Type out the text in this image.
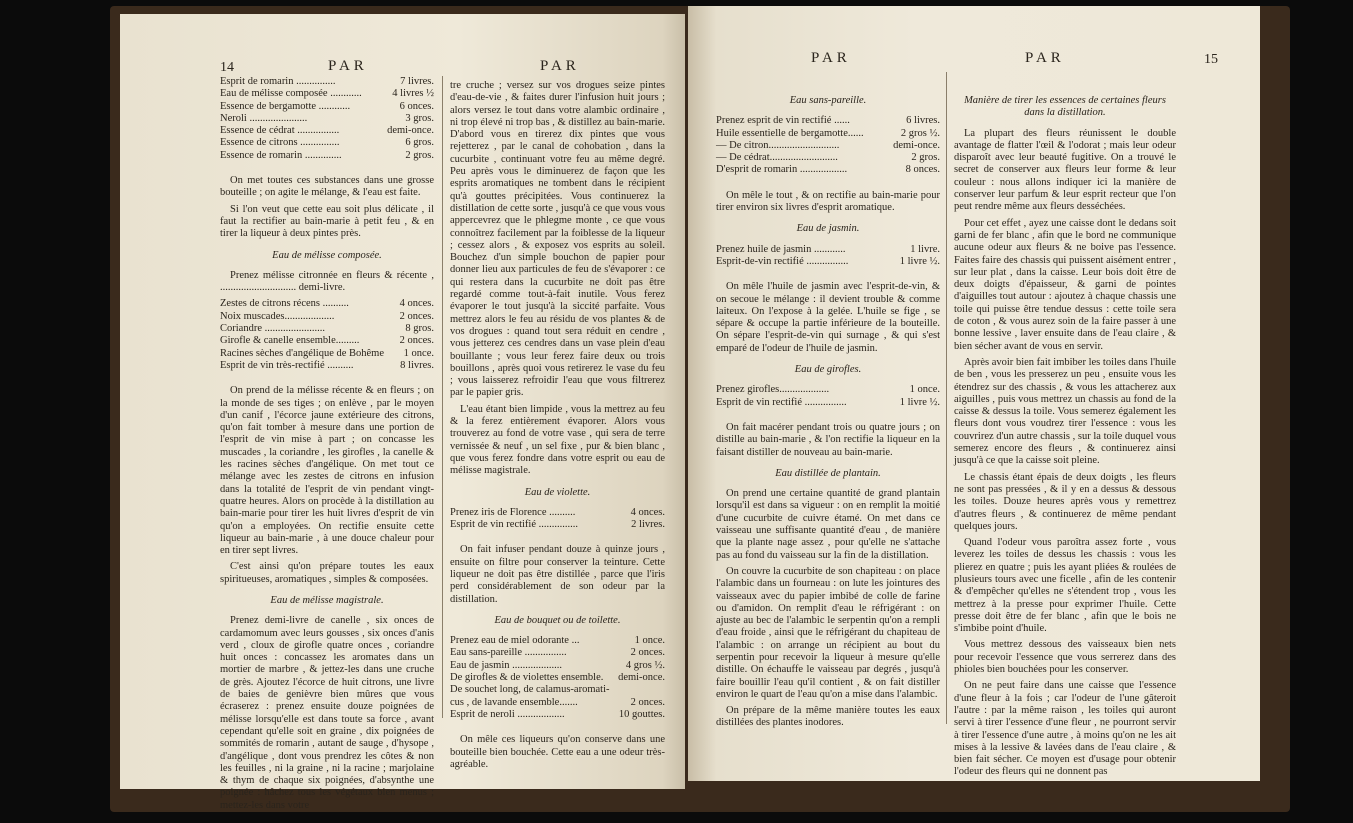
14	PAR	PAR
Esprit de romarin ...............	7 livres.
Eau de mélisse composée ............	4 livres ½
Essence de bergamotte ............	6 onces.
Neroli ......................	3 gros.
Essence de cédrat ................	demi-once.
Essence de citrons ...............	6 gros.
Essence de romarin ..............	2 gros.

On met toutes ces substances dans une grosse bouteille ; on agite le mélange, & l'eau est faite.

Si l'on veut que cette eau soit plus délicate , il faut la rectifier au bain-marie à petit feu , & en tirer la liqueur à deux pintes près.

Eau de mélisse composée.

Prenez mélisse citronnée en fleurs & récente , ............................. demi-livre.

Zestes de citrons récens ..........	4 onces.
Noix muscades...................	2 onces.
Coriandre .......................	8 gros.
Girofle & canelle ensemble.........	2 onces.
Racines sèches d'angélique de Bohême	1 once.
Esprit de vin très-rectifié ..........	8 livres.

On prend de la mélisse récente & en fleurs ; on la monde de ses tiges ; on enlève , par le moyen d'un canif , l'écorce jaune extérieure des citrons, qu'on fait tomber à mesure dans une portion de l'esprit de vin mise à part ; on concasse les muscades , la coriandre , les girofles , la canelle & les racines sèches d'angélique. On met tout ce mélange avec les zestes de citrons en infusion dans la totalité de l'esprit de vin pendant vingt-quatre heures. Alors on procède à la distillation au bain-marie pour tirer les huit livres d'esprit de vin qu'on a employées. On rectifie ensuite cette liqueur au bain-marie , à une douce chaleur pour en tirer sept livres.

C'est ainsi qu'on prépare toutes les eaux spiritueuses, aromatiques , simples & composées.

Eau de mélisse magistrale.

Prenez demi-livre de canelle , six onces de cardamomum avec leurs gousses , six onces d'anis verd , cloux de girofle quatre onces , coriandre huit onces : concassez les aromates dans un mortier de marbre , & jettez-les dans une cruche de grès. Ajoutez l'écorce de huit citrons, une livre de baies de genièvre bien mûres que vous écraserez : prenez ensuite douze poignées de mélisse lorsqu'elle est dans toute sa force , avant cependant qu'elle soit en graine , dix poignées de sommités de romarin , autant de sauge , d'hysope , d'angélique , dont vous prendrez les côtes & non les feuilles , ni la graine , ni la racine ; marjolaine & thym de chaque six poignées, d'absynthe une poignée : hâchez tous les végétaux bien menus ; mettez-les dans votre

tre cruche ; versez sur vos drogues seize pintes d'eau-de-vie , & faites durer l'infusion huit jours ; alors versez le tout dans votre alambic ordinaire , ni trop élevé ni trop bas , & distillez au bain-marie. D'abord vous en tirerez dix pintes que vous rejetterez , par le canal de cohobation , dans la cucurbite , continuant votre feu au même degré. Peu après vous le diminuerez de façon que les esprits aromatiques ne tombent dans le récipient qu'à gouttes précipitées. Vous continuerez la distillation de cette sorte , jusqu'à ce que vous vous appercevrez que le phlegme monte , ce que vous connoîtrez facilement par la foiblesse de la liqueur ; cessez alors , & exposez vos esprits au soleil. Bouchez d'un simple bouchon de papier pour donner lieu aux particules de feu de s'évaporer : ce qui restera dans la cucurbite ne doit pas être regardé comme tout-à-fait inutile. Vous ferez évaporer le tout jusqu'à la siccité parfaite. Vous mettrez alors le feu au résidu de vos plantes & de vos drogues : quand tout sera réduit en cendre , vous jetterez ces cendres dans un vase plein d'eau bouillante ; vous leur ferez faire deux ou trois bouillons , après quoi vous retirerez le vase du feu ; vous laisserez refroidir l'eau que vous filtrerez par le papier gris.

L'eau étant bien limpide , vous la mettrez au feu & la ferez entièrement évaporer. Alors vous trouverez au fond de votre vase , qui sera de terre vernissée & neuf , un sel fixe , pur & bien blanc , que vous ferez fondre dans votre esprit ou eau de mélisse magistrale.

Eau de violette.
Prenez iris de Florence ..........	4 onces.
Esprit de vin rectifié ...............	2 livres.

On fait infuser pendant douze à quinze jours , ensuite on filtre pour conserver la teinture. Cette liqueur ne doit pas être distillée , parce que l'iris perd considérablement de son odeur par la distillation.

Eau de bouquet ou de toilette.
Prenez eau de miel odorante ...	1 once.
Eau sans-pareille ................	2 onces.
Eau de jasmin ...................	4 gros ½.
De girofles & de violettes ensemble.	demi-once.
De souchet long, de calamus-aromati-
cus , de lavande ensemble.......	2 onces.
Esprit de neroli ..................	10 gouttes.

On mêle ces liqueurs qu'on conserve dans une bouteille bien bouchée. Cette eau a une odeur très-agréable.

PAR	PAR	15
Eau sans-pareille.
Prenez esprit de vin rectifié ......	6 livres.
Huile essentielle de bergamotte......	2 gros ½.
— De citron...........................	demi-once.
— De cédrat..........................	2 gros.
D'esprit de romarin ..................	8 onces.

On mêle le tout , & on rectifie au bain-marie pour tirer environ six livres d'esprit aromatique.

Eau de jasmin.
Prenez huile de jasmin ............	1 livre.
Esprit-de-vin rectifié ................	1 livre ½.

On mêle l'huile de jasmin avec l'esprit-de-vin, & on secoue le mélange : il devient trouble & comme laiteux. On l'expose à la gelée. L'huile se fige , se sépare & occupe la partie inférieure de la bouteille. On sépare l'esprit-de-vin qui surnage , & qui s'est emparé de l'odeur de l'huile de jasmin.

Eau de girofles.
Prenez girofles...................	1 once.
Esprit de vin rectifié ................	1 livre ½.

On fait macérer pendant trois ou quatre jours ; on distille au bain-marie , & l'on rectifie la liqueur en la faisant distiller de nouveau au bain-marie.

Eau distillée de plantain.

On prend une certaine quantité de grand plantain lorsqu'il est dans sa vigueur : on en remplit la moitié d'une cucurbite de cuivre étamé. On met dans ce vaisseau une suffisante quantité d'eau , de manière que la plante nage assez , pour qu'elle ne s'attache pas au fond du vaisseau sur la fin de la distillation.

On couvre la cucurbite de son chapiteau : on place l'alambic dans un fourneau : on lute les jointures des vaisseaux avec du papier imbibé de colle de farine ou d'amidon. On remplit d'eau le réfrigérant : on ajuste au bec de l'alambic le serpentin qu'on a rempli d'eau froide , ainsi que le réfrigérant du chapiteau de l'alambic : on arrange un récipient au bout du serpentin pour recevoir la liqueur à mesure qu'elle distille. On échauffe le vaisseau par degrés , jusqu'à faire bouillir l'eau qu'il contient , & on fait distiller environ le quart de l'eau qu'on a mise dans l'alambic.

On prépare de la même manière toutes les eaux distillées des plantes inodores.

Manière de tirer les essences de certaines fleurs dans la distillation.

La plupart des fleurs réunissent le double avantage de flatter l'œil & l'odorat ; mais leur odeur disparoît avec leur beauté fugitive. On a trouvé le secret de conserver aux fleurs leur forme & leur couleur : nous allons indiquer ici la manière de conserver leur parfum & leur esprit recteur que l'on peut rendre même aux fleurs desséchées.

Pour cet effet , ayez une caisse dont le dedans soit garni de fer blanc , afin que le bord ne communique aucune odeur aux fleurs & ne boive pas l'essence. Faites faire des chassis qui puissent aisément entrer , sur leur plat , dans la caisse. Leur bois doit être de deux doigts d'épaisseur, & garni de pointes d'aiguilles tout autour : ajoutez à chaque chassis une toile qui puisse être tendue dessus : cette toile sera de coton , & vous aurez soin de la faire passer à une bonne lessive , laver ensuite dans de l'eau claire , & bien sécher avant de vous en servir.

Après avoir bien fait imbiber les toiles dans l'huile de ben , vous les presserez un peu , ensuite vous les étendrez sur des chassis , & vous les attacherez aux aiguilles , puis vous mettrez un chassis au fond de la caisse & dessus la toile. Vous semerez également les fleurs dont vous voudrez tirer l'essence : vous les couvrirez d'un autre chassis , sur la toile duquel vous semerez encore des fleurs , & continuerez ainsi jusqu'à ce que la caisse soit pleine.

Le chassis étant épais de deux doigts , les fleurs ne sont pas pressées , & il y en a dessus & dessous les toiles. Douze heures après vous y remettrez d'autres fleurs , & continuerez de même pendant quelques jours.

Quand l'odeur vous paroîtra assez forte , vous leverez les toiles de dessus les chassis : vous les plierez en quatre ; puis les ayant pliées & roulées de plusieurs tours avec une ficelle , afin de les contenir & d'empêcher qu'elles ne s'étendent trop , vous les mettrez à la presse pour exprimer l'huile. Cette presse doit être de fer blanc , afin que le bois ne s'imbibe point d'huile.

Vous mettrez dessous des vaisseaux bien nets pour recevoir l'essence que vous serrerez dans des phioles bien bouchées pour les conserver.

On ne peut faire dans une caisse que l'essence d'une fleur à la fois ; car l'odeur de l'une gâteroit l'autre : par la même raison , les toiles qui auront servi à tirer l'essence d'une fleur , ne pourront servir à tirer l'essence d'une autre , à moins qu'on ne les ait mises à la lessive & lavées dans de l'eau claire , & bien fait sécher. Ce moyen est d'usage pour obtenir l'odeur des fleurs qui ne donnent pas
